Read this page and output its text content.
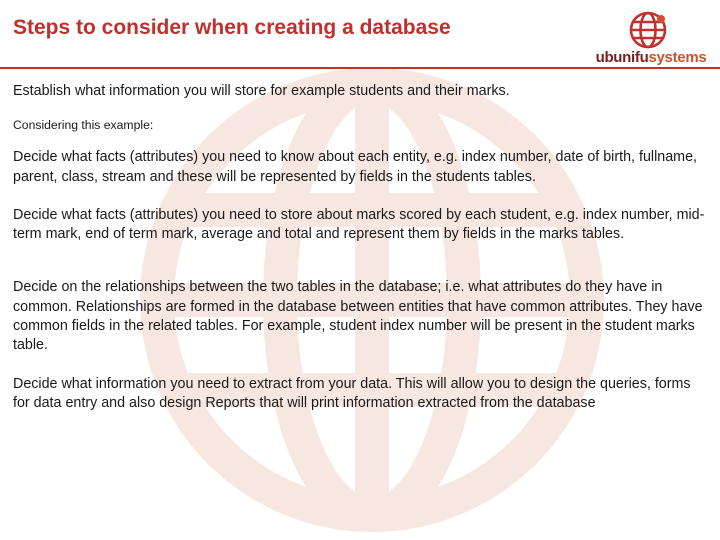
Steps to consider when creating a database
ubunifusystems

Establish what information you will store for example students and their marks.

Considering this example:

Decide what facts (attributes) you need to know about each entity, e.g. index number, date of birth, fullname, parent, class, stream and these will be represented by fields in the students tables.

Decide what facts (attributes) you need to store about marks scored by each student, e.g. index number, mid-term mark, end of term mark, average and total and represent them by fields in the marks tables.

Decide on the relationships between the two tables in the database; i.e. what attributes do they have in common. Relationships are formed in the database between entities that have common attributes. They have common fields in the related tables. For example, student index number will be present in the student marks table.

Decide what information you need to extract from your data. This will allow you to design the queries, forms for data entry and also design Reports that will print information extracted from the database
